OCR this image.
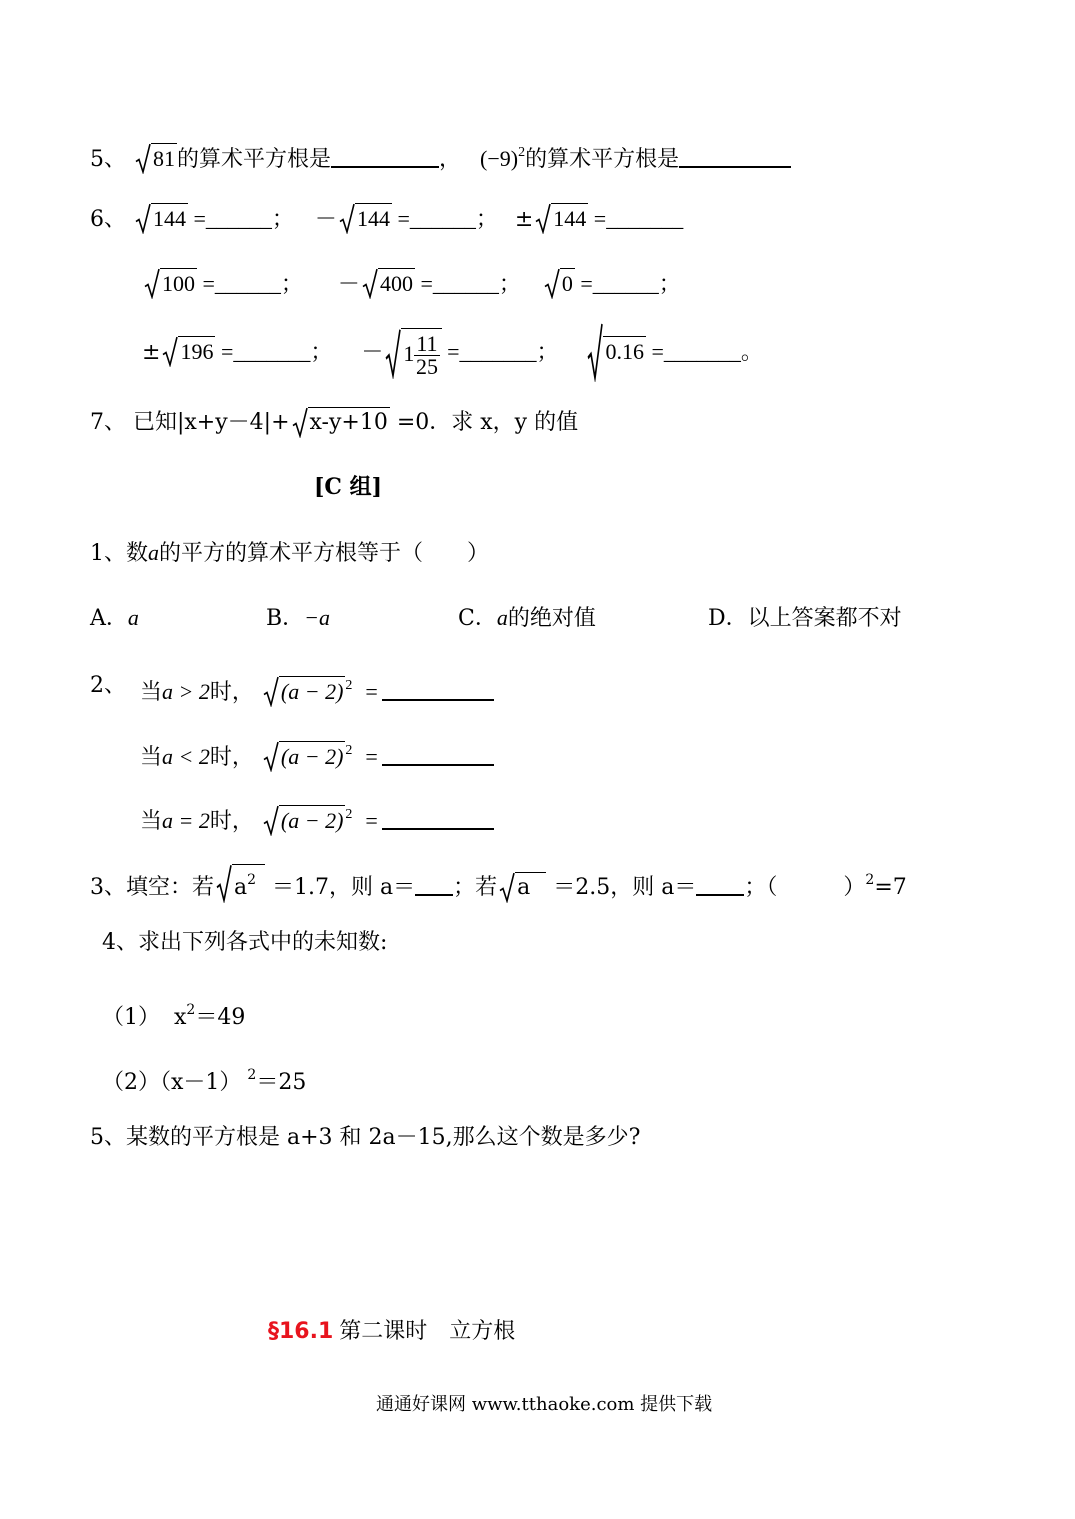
5、 81的算术平方根是	， $(-9)^2$的算术平方根是
6、 144 =______； － 144 =______； ± 144 =_______
100 =______； － 400 =______； 0 =______；
± 196 =_______； － $1 \frac{11}{25}$ =_______； 0.16 =_______。
7、 已知|x+y－4|+ x-y+10 =0．求 x，y 的值
[C 组]
1、数a的平方的算术平方根等于（　　）
A．a	B．−a	C．a的绝对值	D．以上答案都不对
2、 当a > 2时， (a − 2) $^2$ =
当a < 2时， (a − 2) $^2$ =
当a = 2时， (a − 2) $^2$ =
3、填空：若 $a^2 =1.7$，则 a＝ ；若 a ＝2.5，则 a＝ ；（　　　）$^2$=7
4、求出下列各式中的未知数:
（1） $x^2=49$
（2）（x－1） $^2$＝25
5、某数的平方根是 a+3 和 2a－15,那么这个数是多少?
§16.1 第二课时　立方根
通通好课网 www.tthaoke.com 提供下载
